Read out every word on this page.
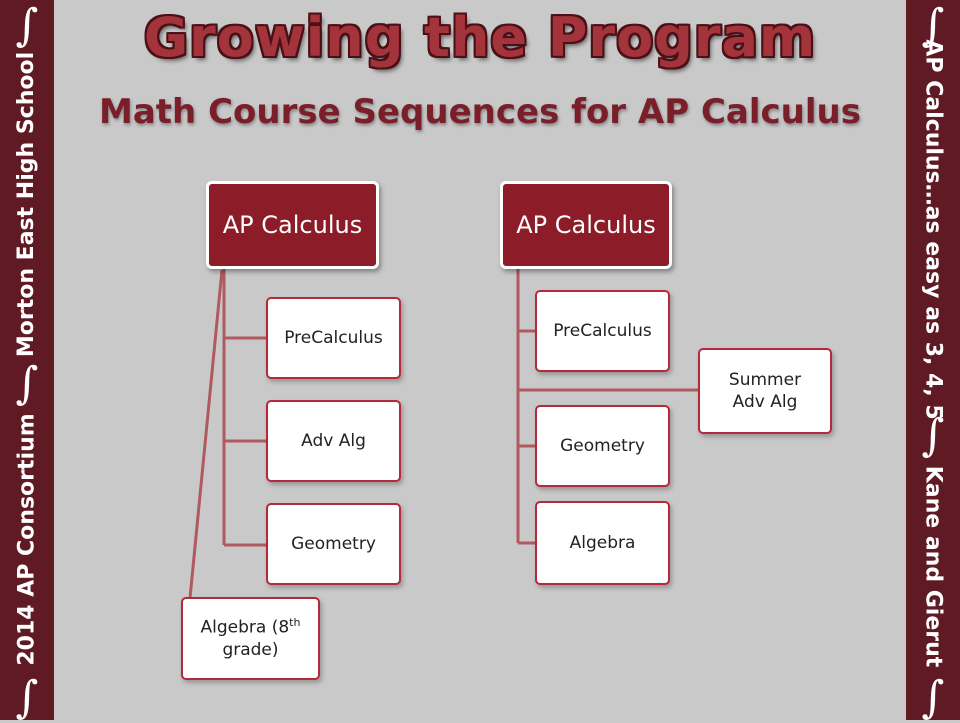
∫
Morton East High School
∫
2014 AP Consortium
∫
∫
AP Calculus…as easy as 3, 4, 5
∫
Kane and Gierut
∫
Growing the Program
Math Course Sequences for AP Calculus
AP Calculus
PreCalculus
Adv Alg
Geometry
Algebra (8th
grade)
AP Calculus
PreCalculus
Summer
Adv Alg
Geometry
Algebra
